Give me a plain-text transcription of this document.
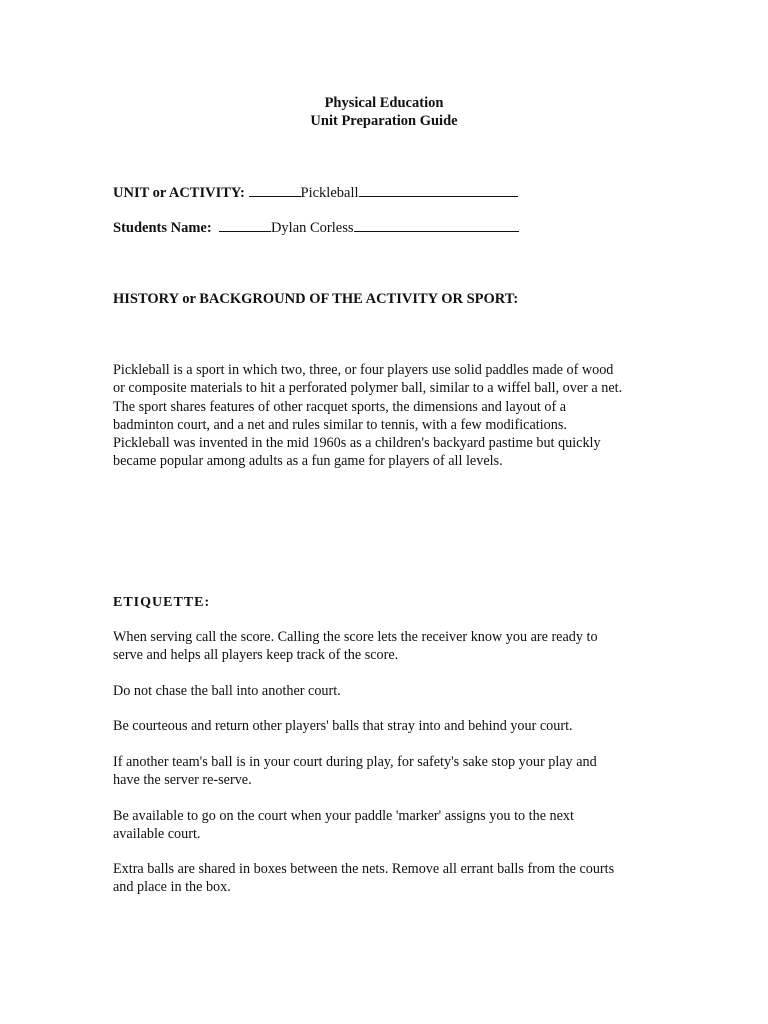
Physical Education
Unit Preparation Guide
UNIT or ACTIVITY:	Pickleball
Students Name:	Dylan Corless
HISTORY or BACKGROUND OF THE ACTIVITY OR SPORT:
Pickleball is a sport in which two, three, or four players use solid paddles made of wood
or composite materials to hit a perforated polymer ball, similar to a wiffel ball, over a net.
The sport shares features of other racquet sports, the dimensions and layout of a
badminton court, and a net and rules similar to tennis, with a few modifications.
Pickleball was invented in the mid 1960s as a children's backyard pastime but quickly
became popular among adults as a fun game for players of all levels.
ETIQUETTE:
When serving call the score. Calling the score lets the receiver know you are ready to
serve and helps all players keep track of the score.
Do not chase the ball into another court.
Be courteous and return other players' balls that stray into and behind your court.
If another team's ball is in your court during play, for safety's sake stop your play and
have the server re-serve.
Be available to go on the court when your paddle 'marker' assigns you to the next
available court.
Extra balls are shared in boxes between the nets. Remove all errant balls from the courts
and place in the box.
